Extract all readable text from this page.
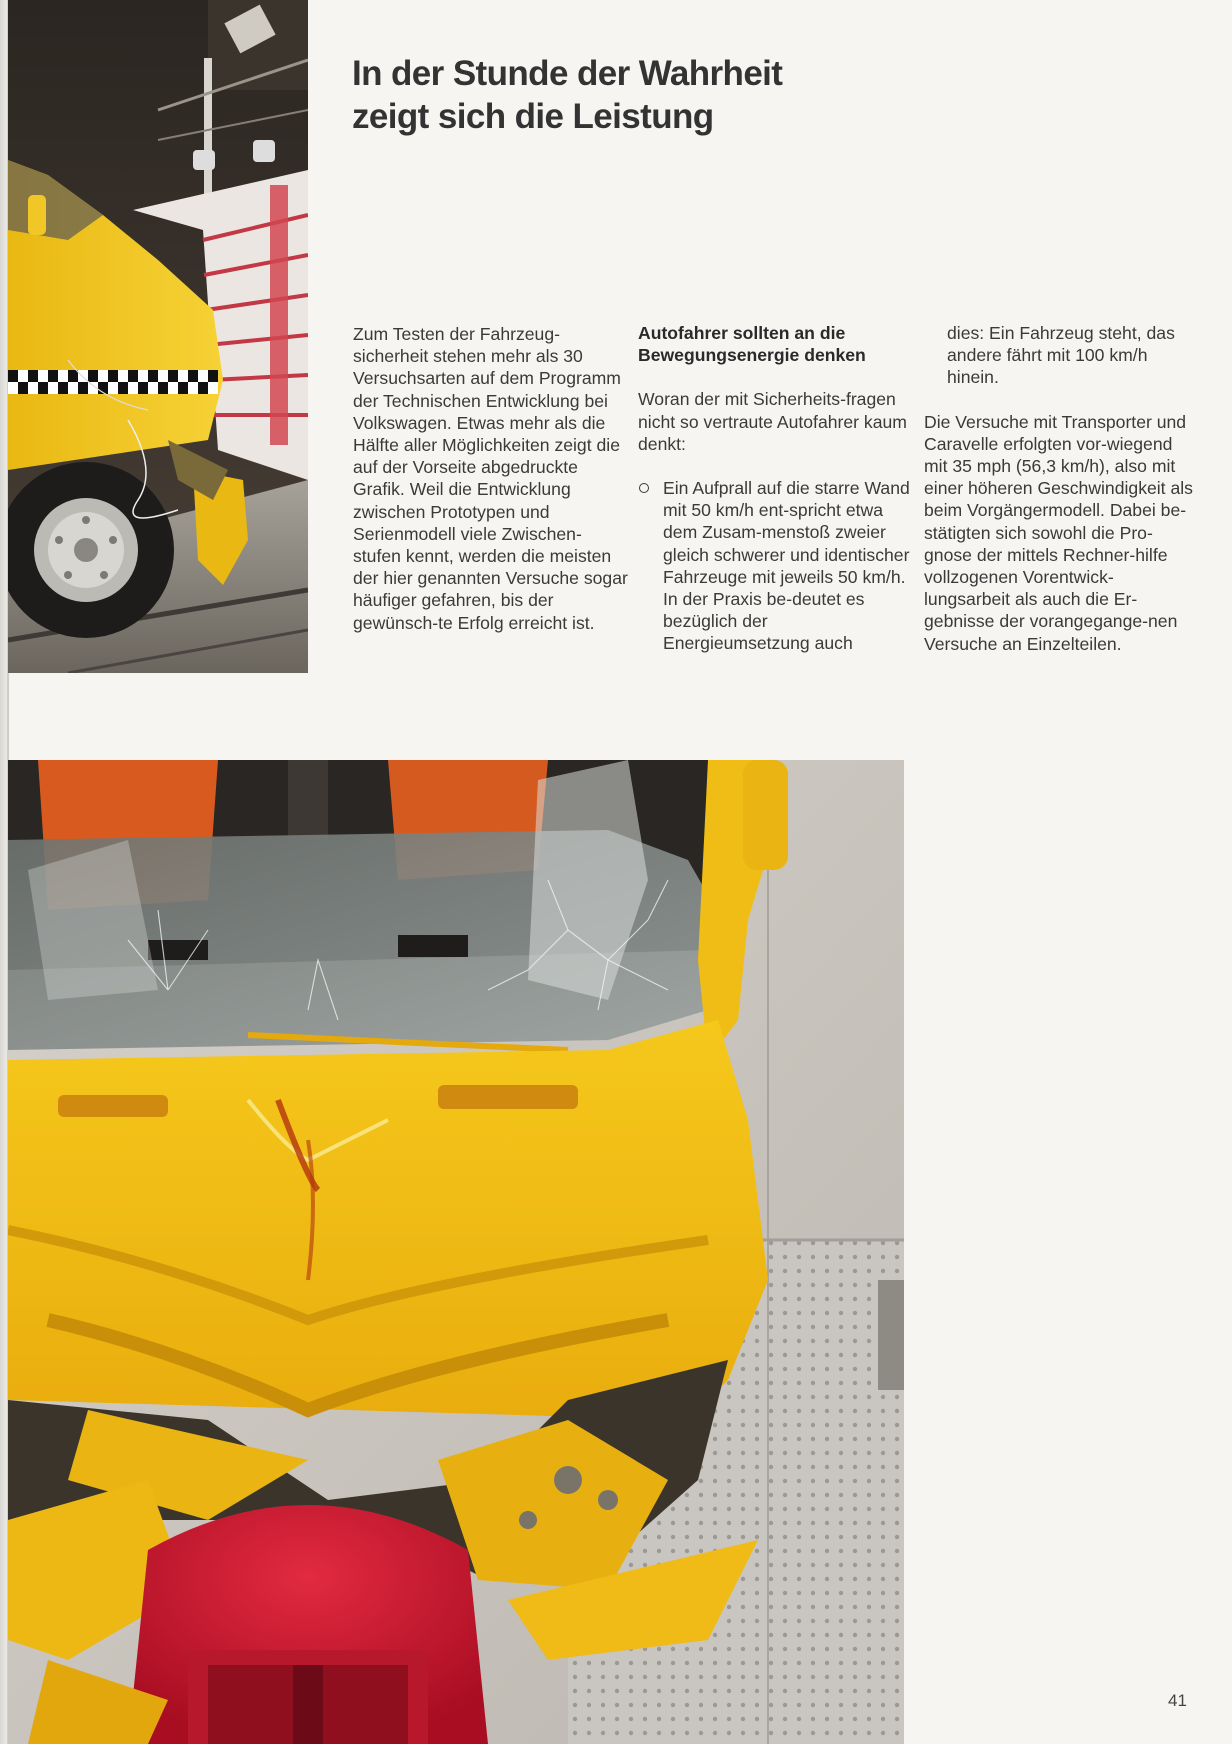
In der Stunde der Wahrheit
zeigt sich die Leistung

Zum Testen der Fahrzeug-sicherheit stehen mehr als 30 Versuchsarten auf dem Programm der Technischen Entwicklung bei Volkswagen. Etwas mehr als die Hälfte aller Möglichkeiten zeigt die auf der Vorseite abgedruckte Grafik. Weil die Entwicklung zwischen Prototypen und Serienmodell viele Zwischen-stufen kennt, werden die meisten der hier genannten Versuche sogar häufiger gefahren, bis der gewünsch-te Erfolg erreicht ist.

Autofahrer sollten an die Bewegungsenergie denken

Woran der mit Sicherheits-fragen nicht so vertraute Autofahrer kaum denkt:

Ein Aufprall auf die starre Wand mit 50 km/h ent-spricht etwa dem Zusam-menstoß zweier gleich schwerer und identischer Fahrzeuge mit jeweils 50 km/h. In der Praxis be-deutet es bezüglich der Energieumsetzung auch

dies: Ein Fahrzeug steht, das andere fährt mit 100 km/h hinein.

Die Versuche mit Transporter und Caravelle erfolgten vor-wiegend mit 35 mph (56,3 km/h), also mit einer höheren Geschwindigkeit als beim Vorgängermodell. Dabei be-stätigten sich sowohl die Pro-gnose der mittels Rechner-hilfe vollzogenen Vorentwick-lungsarbeit als auch die Er-gebnisse der vorangegange-nen Versuche an Einzelteilen.

41
